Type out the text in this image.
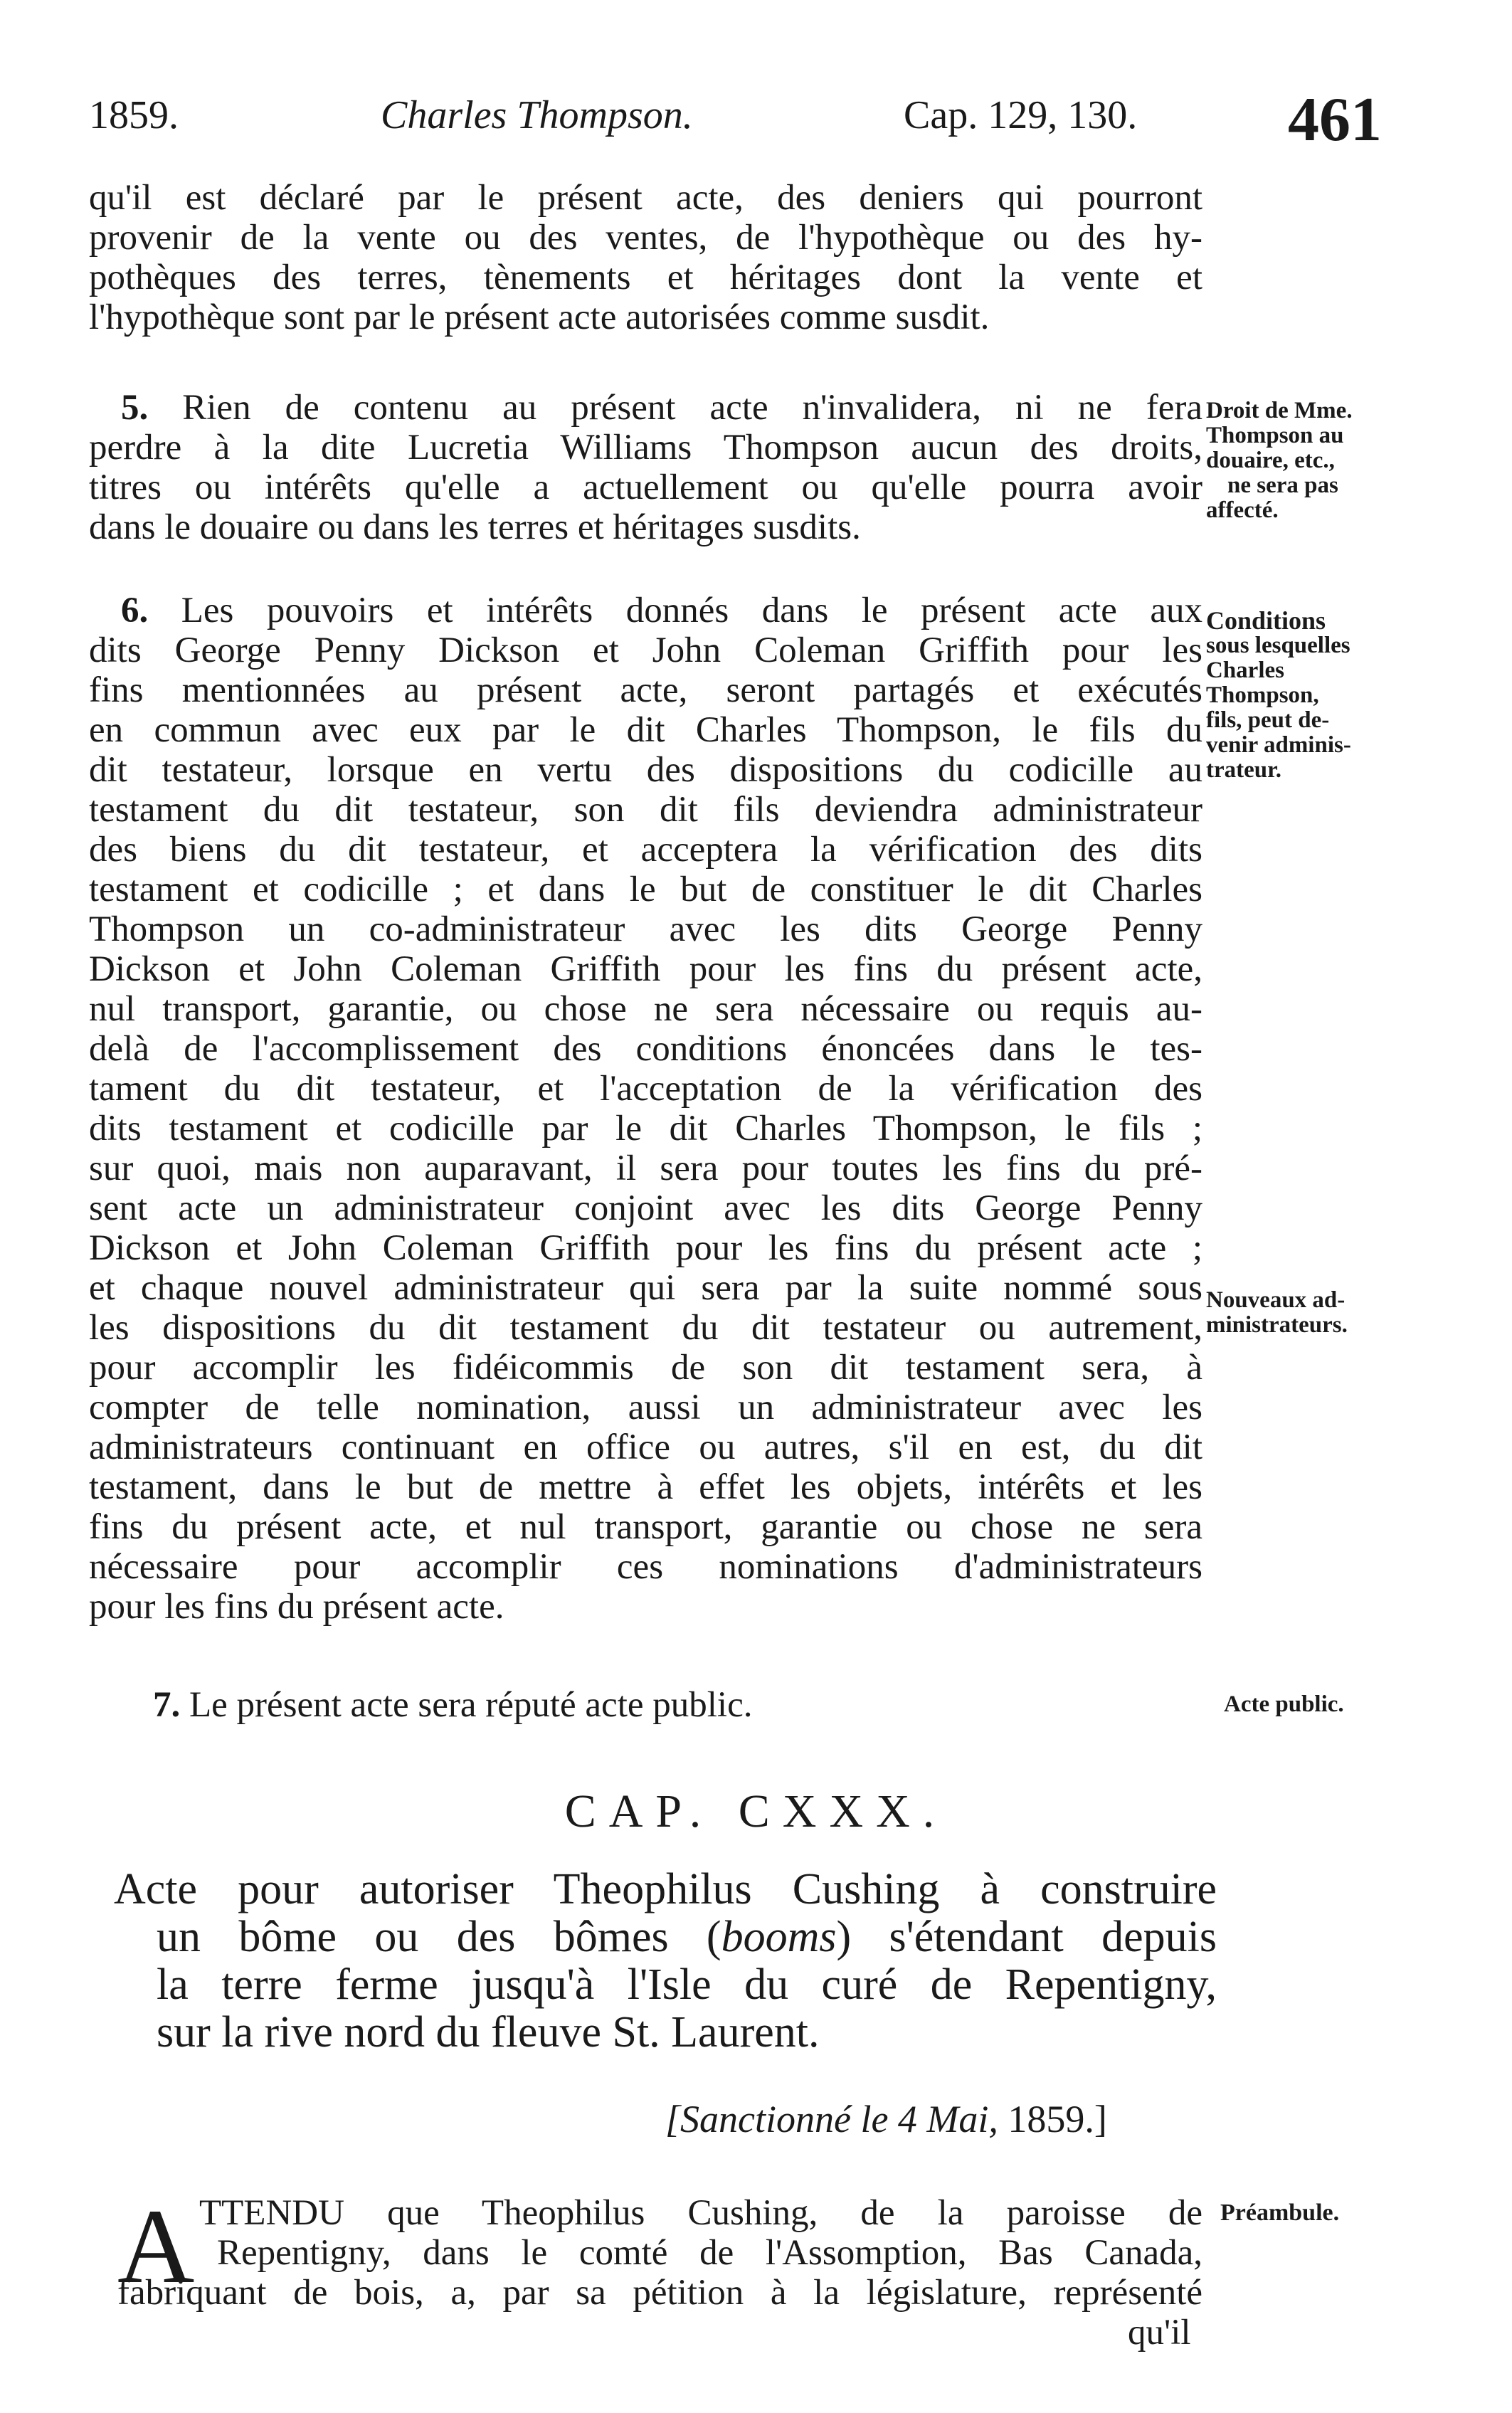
1859.	Charles Thompson.	Cap. 129, 130. 461
qu'il est déclaré par le présent acte, des deniers qui pourront
provenir de la vente ou des ventes, de l'hypothèque ou des hy-
pothèques des terres, tènements et héritages dont la vente et
l'hypothèque sont par le présent acte autorisées comme susdit.
5. Rien de contenu au présent acte n'invalidera, ni ne fera
perdre à la dite Lucretia Williams Thompson aucun des droits,
titres ou intérêts qu'elle a actuellement ou qu'elle pourra avoir
dans le douaire ou dans les terres et héritages susdits.
Droit de Mme.
Thompson au
douaire, etc.,
ne sera pas
affecté.
6. Les pouvoirs et intérêts donnés dans le présent acte aux
dits George Penny Dickson et John Coleman Griffith pour les
fins mentionnées au présent acte, seront partagés et exécutés
en commun avec eux par le dit Charles Thompson, le fils du
dit testateur, lorsque en vertu des dispositions du codicille au
testament du dit testateur, son dit fils deviendra administrateur
des biens du dit testateur, et acceptera la vérification des dits
testament et codicille ; et dans le but de constituer le dit Charles
Thompson un co-administrateur avec les dits George Penny
Dickson et John Coleman Griffith pour les fins du présent acte,
nul transport, garantie, ou chose ne sera nécessaire ou requis au-
delà de l'accomplissement des conditions énoncées dans le tes-
tament du dit testateur, et l'acceptation de la vérification des
dits testament et codicille par le dit Charles Thompson, le fils ;
sur quoi, mais non auparavant, il sera pour toutes les fins du pré-
sent acte un administrateur conjoint avec les dits George Penny
Dickson et John Coleman Griffith pour les fins du présent acte ;
et chaque nouvel administrateur qui sera par la suite nommé sous
les dispositions du dit testament du dit testateur ou autrement,
pour accomplir les fidéicommis de son dit testament sera, à
compter de telle nomination, aussi un administrateur avec les
administrateurs continuant en office ou autres, s'il en est, du dit
testament, dans le but de mettre à effet les objets, intérêts et les
fins du présent acte, et nul transport, garantie ou chose ne sera
nécessaire pour accomplir ces nominations d'administrateurs
pour les fins du présent acte.
Conditions
sous lesquelles
Charles
Thompson,
fils, peut de-
venir adminis-
trateur.
Nouveaux ad-
ministrateurs.
7. Le présent acte sera réputé acte public.	Acte public.
CAP. CXXX.
Acte pour autoriser Theophilus Cushing à construire
un bôme ou des bômes (booms) s'étendant depuis
la terre ferme jusqu'à l'Isle du curé de Repentigny,
sur la rive nord du fleuve St. Laurent.
[Sanctionné le 4 Mai, 1859.]
A TTENDU que Theophilus Cushing, de la paroisse de
Repentigny, dans le comté de l'Assomption, Bas Canada,
fabriquant de bois, a, par sa pétition à la législature, représenté
qu'il
Préambule.
